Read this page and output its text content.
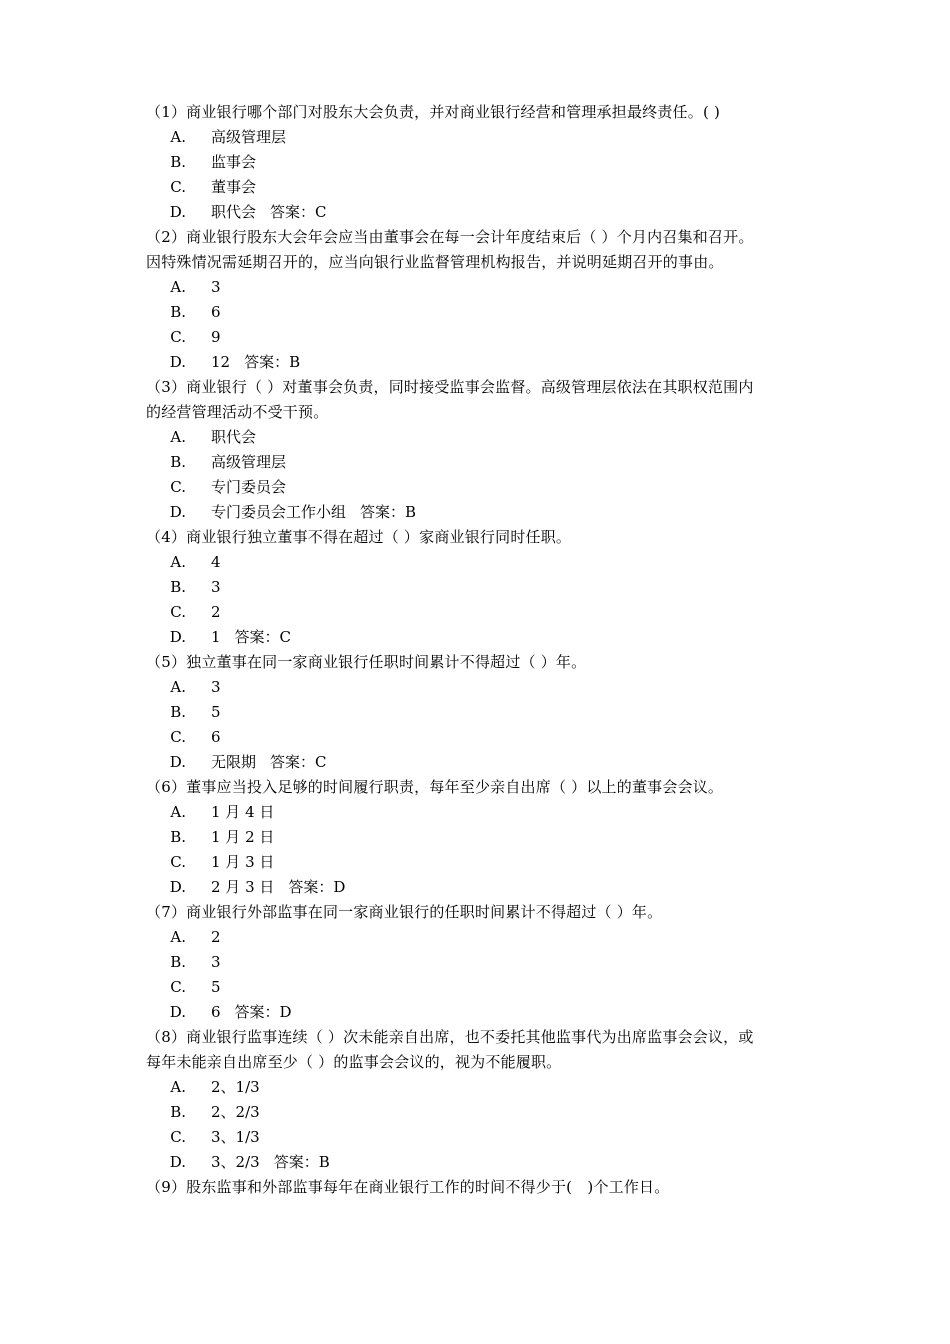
（1）商业银行哪个部门对股东大会负责，并对商业银行经营和管理承担最终责任。( )
A. 高级管理层
B. 监事会
C. 董事会
D. 职代会 答案：C
（2）商业银行股东大会年会应当由董事会在每一会计年度结束后（ ）个月内召集和召开。
因特殊情况需延期召开的，应当向银行业监督管理机构报告，并说明延期召开的事由。
A. 3
B. 6
C. 9
D. 12 答案：B
（3）商业银行（ ）对董事会负责，同时接受监事会监督。高级管理层依法在其职权范围内
的经营管理活动不受干预。
A. 职代会
B. 高级管理层
C. 专门委员会
D. 专门委员会工作小组 答案：B
（4）商业银行独立董事不得在超过（ ）家商业银行同时任职。
A. 4
B. 3
C. 2
D. 1 答案：C
（5）独立董事在同一家商业银行任职时间累计不得超过（ ）年。
A. 3
B. 5
C. 6
D. 无限期 答案：C
（6）董事应当投入足够的时间履行职责，每年至少亲自出席（ ）以上的董事会会议。
A. 1 月 4 日
B. 1 月 2 日
C. 1 月 3 日
D. 2 月 3 日 答案：D
（7）商业银行外部监事在同一家商业银行的任职时间累计不得超过（ ）年。
A. 2
B. 3
C. 5
D. 6 答案：D
（8）商业银行监事连续（ ）次未能亲自出席，也不委托其他监事代为出席监事会会议，或
每年未能亲自出席至少（ ）的监事会会议的，视为不能履职。
A. 2、1/3
B. 2、2/3
C. 3、1/3
D. 3、2/3 答案：B
（9）股东监事和外部监事每年在商业银行工作的时间不得少于(　)个工作日。
